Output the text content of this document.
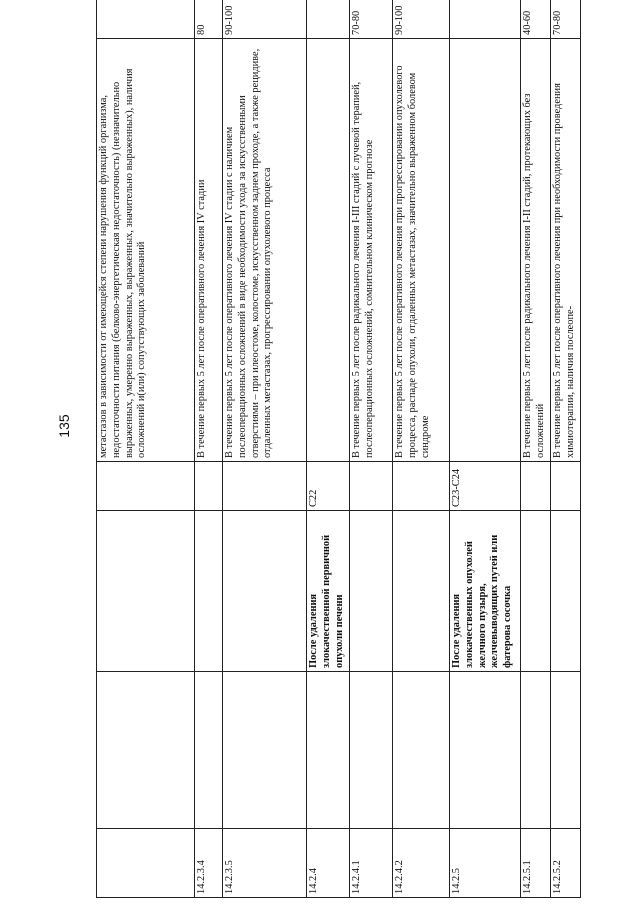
135
					метастазов в зависимости от имеющейся степени нарушения функций организма, недостаточности питания (белково-энергетическая недостаточность) (незначительно выраженных, умеренно выраженных, выраженных, значительно выраженных), наличия осложнений и(или) сопутствующих заболеваний	
14.2.3.4				В течение первых 5 лет после оперативного лечения IV стадии	80
14.2.3.5				В течение первых 5 лет после оперативного лечения IV стадии с наличием послеоперационных осложнений в виде необходимости ухода за искусственными отверстиями – при илеостоме, колостоме, искусственном заднем проходе, а также рецидиве, отдаленных метастазах, прогрессировании опухолевого процесса	90-100
14.2.4		После удаления злокачественной первичной опухоли печени	C22		
14.2.4.1				В течение первых 5 лет после радикального лечения I-III стадий с лучевой терапией, послеоперационных осложнений, сомнительном клиническом прогнозе	70-80
14.2.4.2				В течение первых 5 лет после оперативного лечения при прогрессировании опухолевого процесса, распаде опухоли, отдаленных метастазах, значительно выраженном болевом синдроме	90-100
14.2.5		После удаления злокачественных опухолей желчного пузыря, желчевыводящих путей или фатерова сосочка	C23-C24		
14.2.5.1				В течение первых 5 лет после радикального лечения I-II стадий, протекающих без осложнений	40-60
14.2.5.2				В течение первых 5 лет после оперативного лечения при необходимости проведения химиотерапии, наличия послеопе-	70-80
